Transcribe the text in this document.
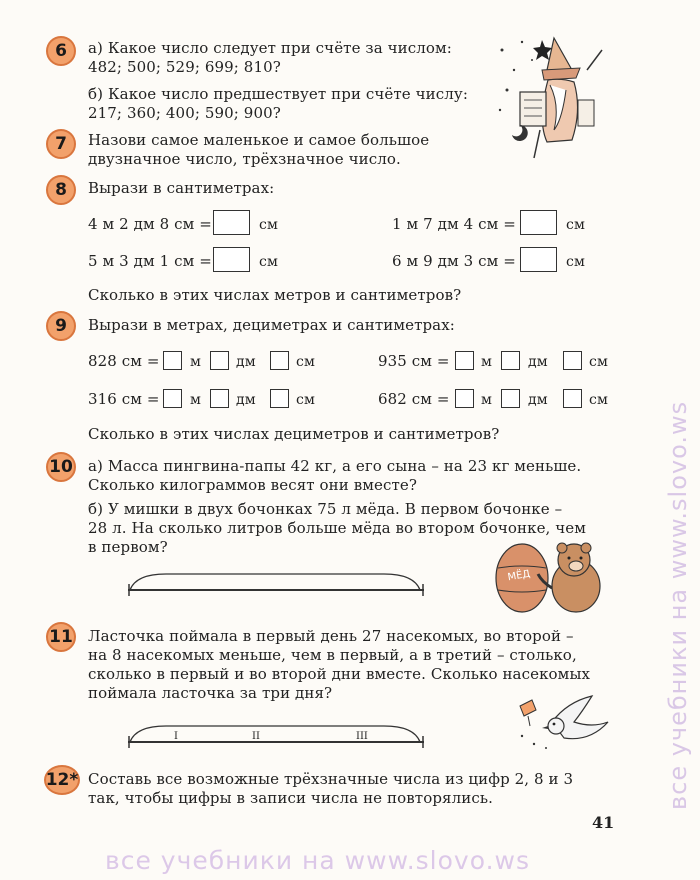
6 а) Какое число следует при счёте за числом:
482; 500; 529; 699; 810?
б) Какое число предшествует при счёте числу:
217; 360; 400; 590; 900?
7 Назови самое маленькое и самое большое
двузначное число, трёхзначное число.
8 Вырази в сантиметрах:
4 м 2 дм 8 см =	см	1 м 7 дм 4 см =	см
5 м 3 дм 1 см =	см	6 м 9 дм 3 см =	см
Сколько в этих числах метров и сантиметров?
9 Вырази в метрах, дециметрах и сантиметрах:
828 см = м	дм	см	935 см = м	дм	см
316 см = м	дм	см	682 см = м	дм	см
Сколько в этих числах дециметров и сантиметров?
10 а) Масса пингвина-папы 42 кг, а его сына – на 23 кг меньше.
Сколько килограммов весят они вместе?
б) У мишки в двух бочонках 75 л мёда. В первом бочонке –
28 л. На сколько литров больше мёда во втором бочонке, чем
в первом?
МЁД
11 Ласточка поймала в первый день 27 насекомых, во второй –
на 8 насекомых меньше, чем в первый, а в третий – столько,
сколько в первый и во второй дни вместе. Сколько насекомых
поймала ласточка за три дня?
I	II	III
12* Составь все возможные трёхзначные числа из цифр 2, 8 и 3
так, чтобы цифры в записи числа не повторялись.
41
все учебники на www.slovo.ws
все учебники на www.slovo.ws
